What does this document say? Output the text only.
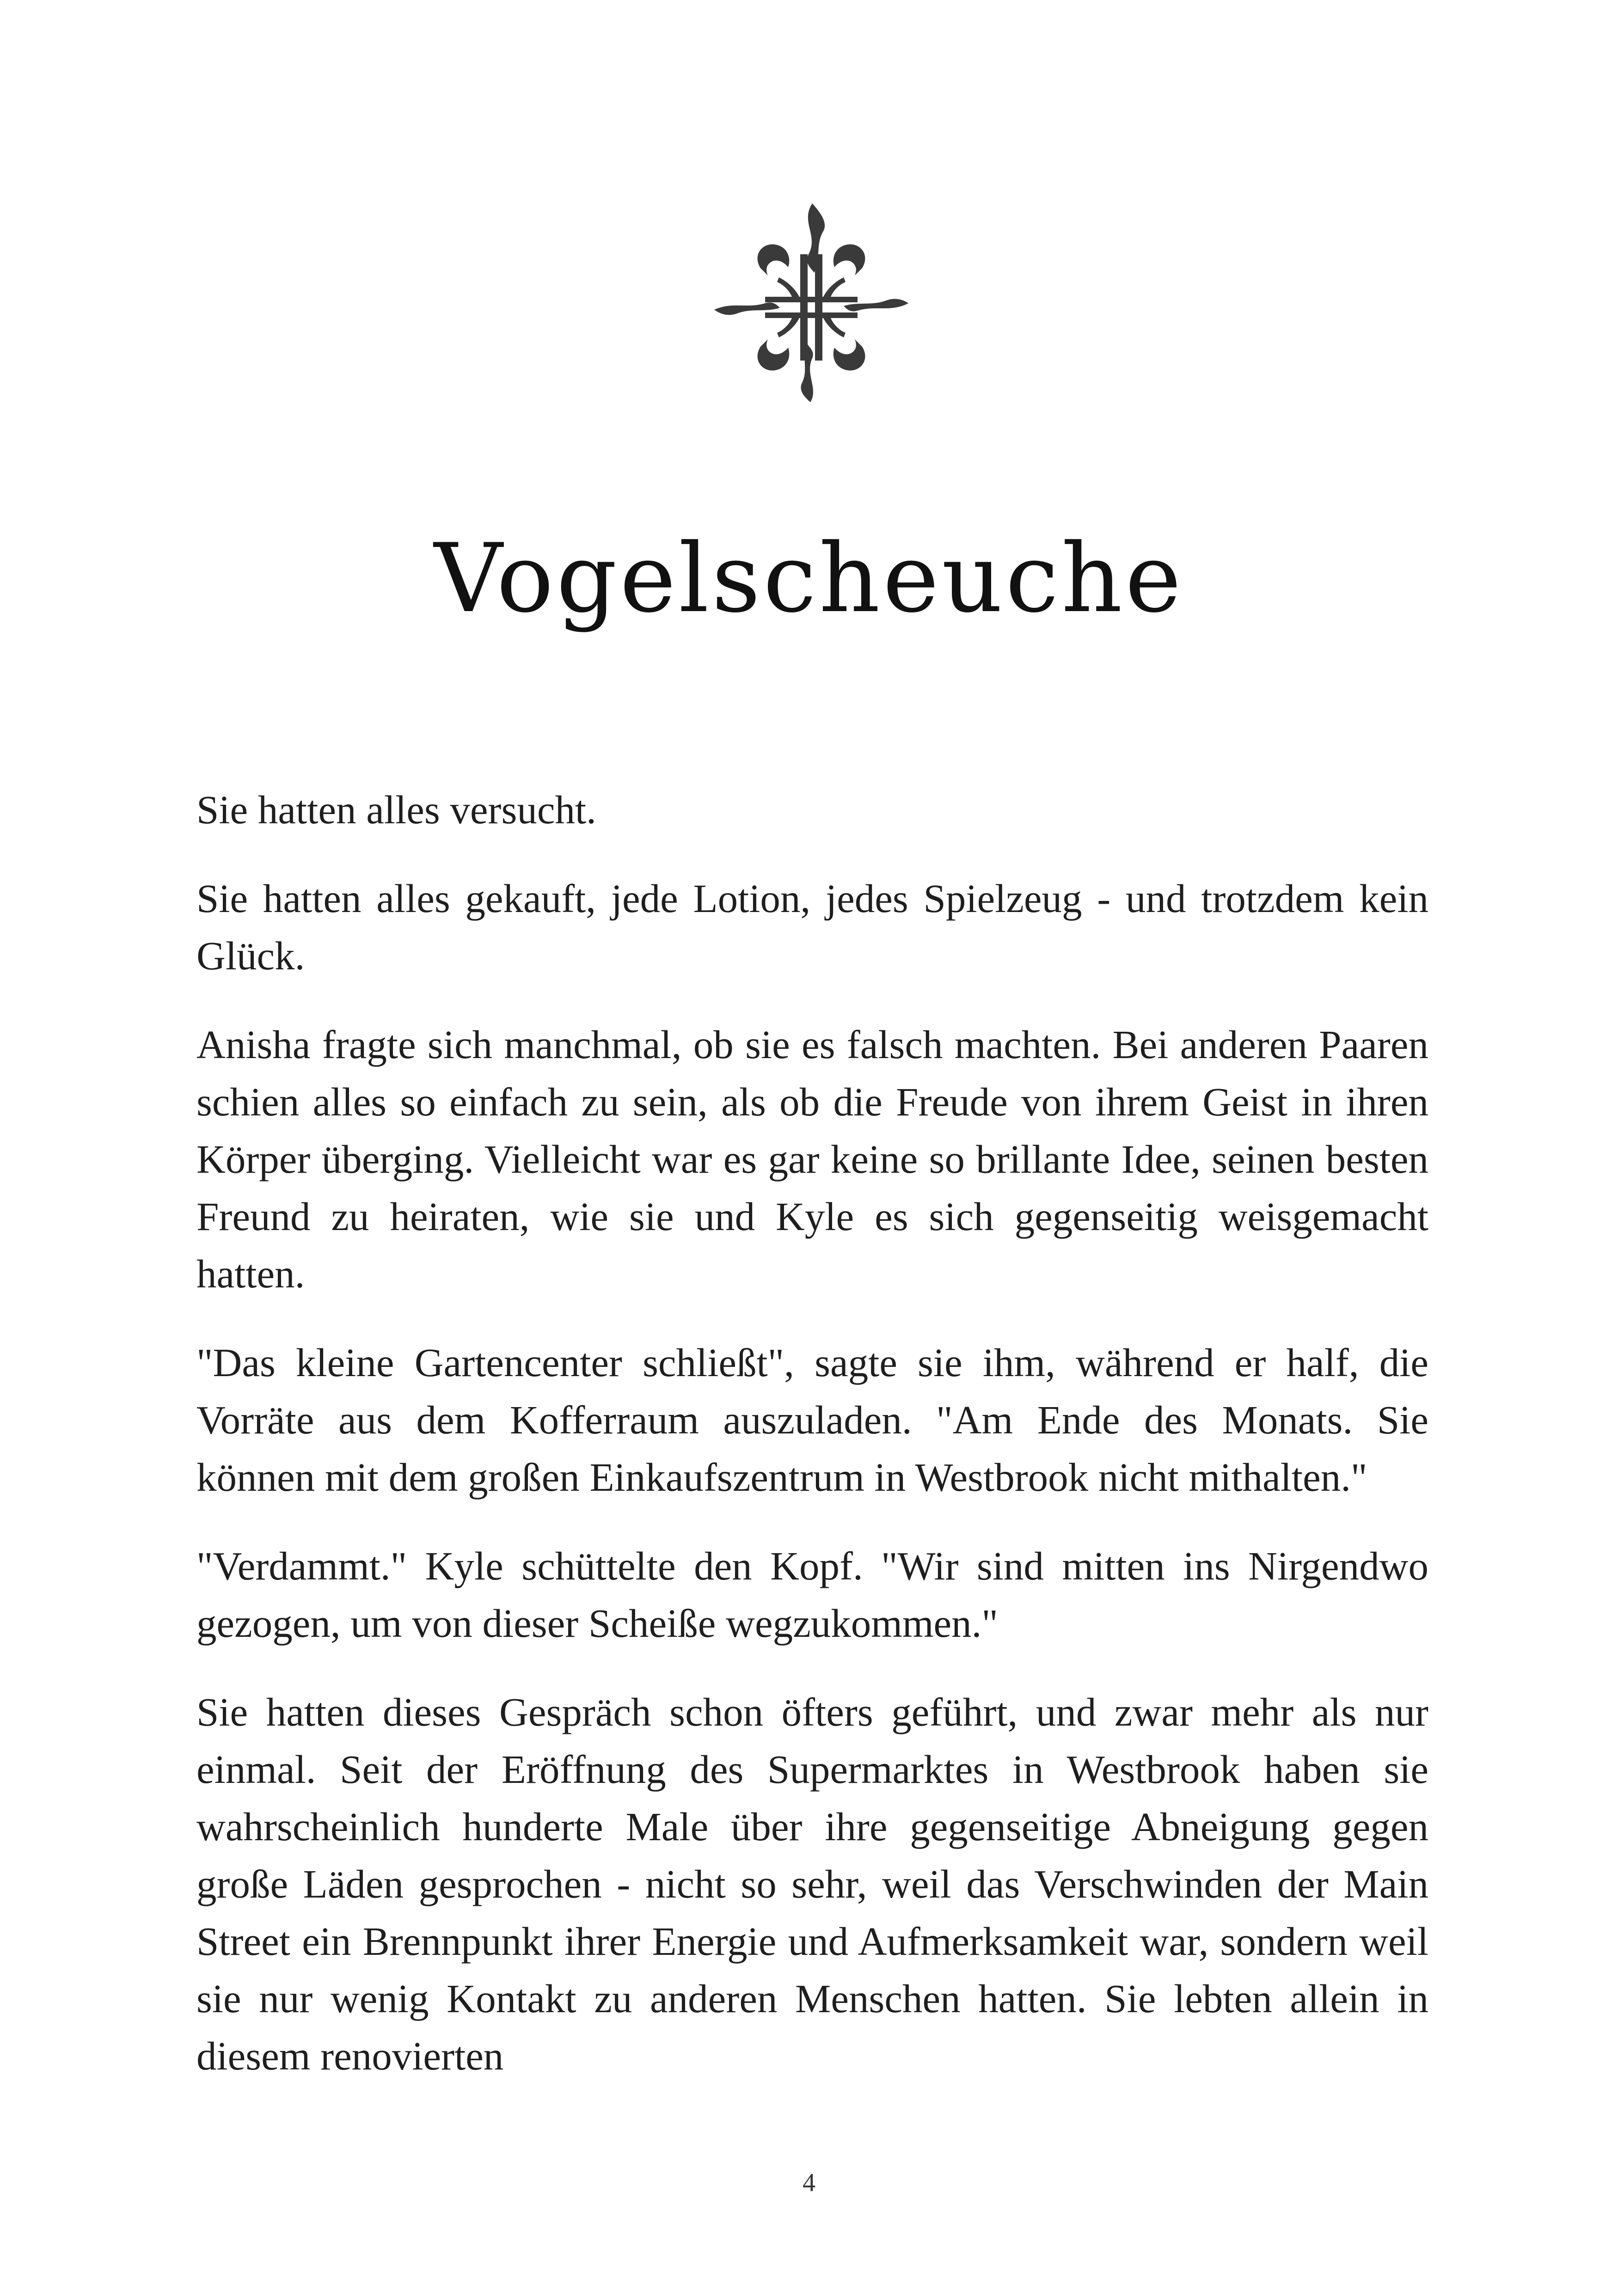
Vogelscheuche

Sie hatten alles versucht.

Sie hatten alles gekauft, jede Lotion, jedes Spielzeug - und trotzdem kein Glück.

Anisha fragte sich manchmal, ob sie es falsch machten. Bei anderen Paaren schien alles so einfach zu sein, als ob die Freude von ihrem Geist in ihren Körper überging. Vielleicht war es gar keine so brillante Idee, seinen besten Freund zu heiraten, wie sie und Kyle es sich gegenseitig weisgemacht hatten.

"Das kleine Gartencenter schließt", sagte sie ihm, während er half, die Vorräte aus dem Kofferraum auszuladen. "Am Ende des Monats. Sie können mit dem großen Einkaufszentrum in Westbrook nicht mithalten."

"Verdammt." Kyle schüttelte den Kopf. "Wir sind mitten ins Nirgendwo gezogen, um von dieser Scheiße wegzukommen."

Sie hatten dieses Gespräch schon öfters geführt, und zwar mehr als nur einmal. Seit der Eröffnung des Supermarktes in Westbrook haben sie wahrscheinlich hunderte Male über ihre gegenseitige Abneigung gegen große Läden gesprochen - nicht so sehr, weil das Verschwinden der Main Street ein Brennpunkt ihrer Energie und Aufmerksamkeit war, sondern weil sie nur wenig Kontakt zu anderen Menschen hatten. Sie lebten allein in diesem renovierten

4
